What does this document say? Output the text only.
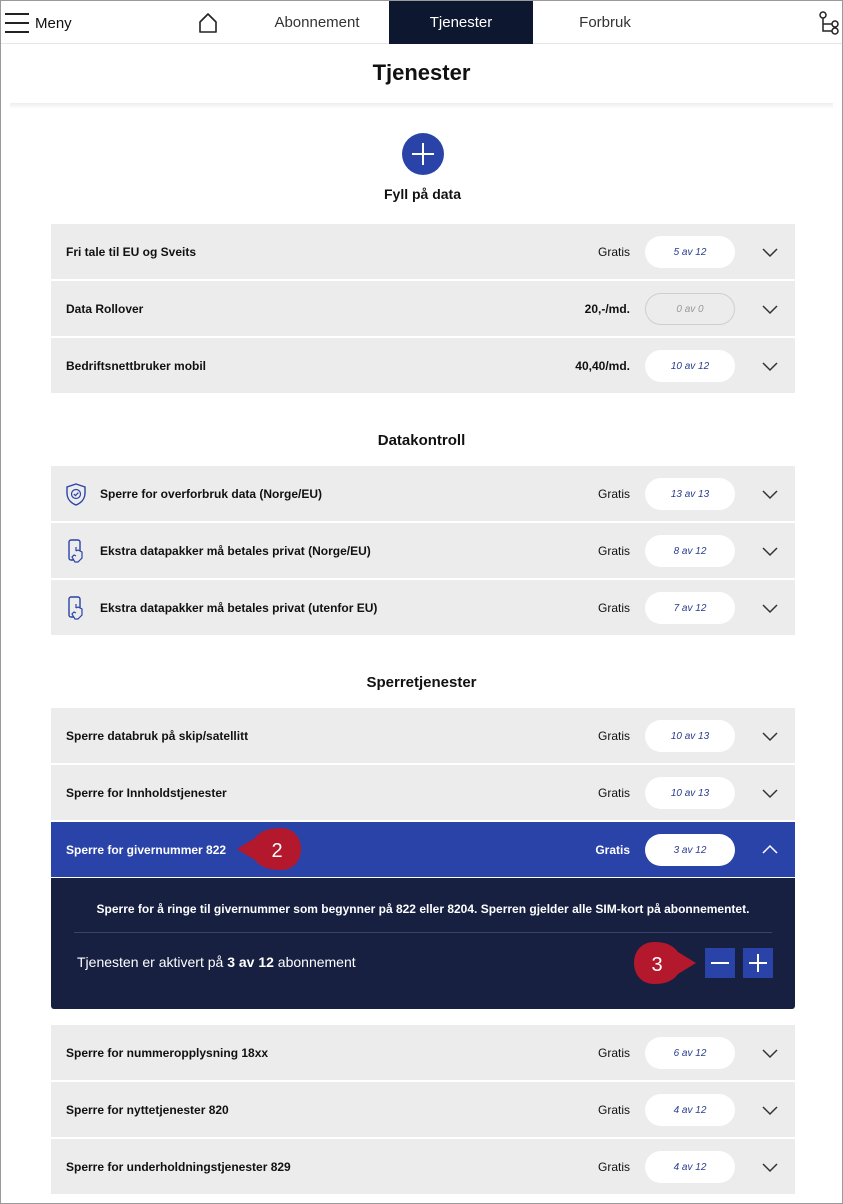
Meny	Abonnement	Tjenester	Forbruk
Tjenester
Fyll på data
Fri tale til EU og Sveits	Gratis	5 av 12
Data Rollover	20,-/md.	0 av 0
Bedriftsnettbruker mobil	40,40/md.	10 av 12
Datakontroll
Sperre for overforbruk data (Norge/EU)	Gratis	13 av 13
Ekstra datapakker må betales privat (Norge/EU)	Gratis	8 av 12
Ekstra datapakker må betales privat (utenfor EU)	Gratis	7 av 12
Sperretjenester
Sperre databruk på skip/satellitt	Gratis	10 av 13
Sperre for Innholdstjenester	Gratis	10 av 13
Sperre for givernummer 822	Gratis	3 av 12
Sperre for å ringe til givernummer som begynner på 822 eller 8204. Sperren gjelder alle SIM-kort på abonnementet.
Tjenesten er aktivert på 3 av 12 abonnement
Sperre for nummeropplysning 18xx	Gratis	6 av 12
Sperre for nyttetjenester 820	Gratis	4 av 12
Sperre for underholdningstjenester 829	Gratis	4 av 12
2
3
